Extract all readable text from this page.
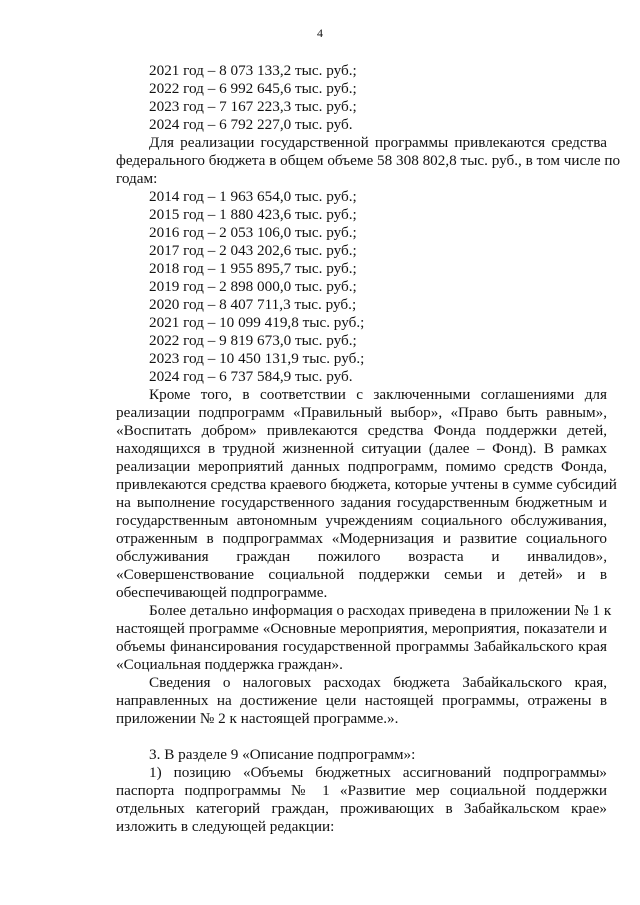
4
2021 год – 8 073 133,2 тыс. руб.;
2022 год – 6 992 645,6 тыс. руб.;
2023 год – 7 167 223,3 тыс. руб.;
2024 год – 6 792 227,0 тыс. руб.
Для реализации государственной программы привлекаются средства
федерального бюджета в общем объеме 58 308 802,8 тыс. руб., в том числе по
годам:
2014 год – 1 963 654,0 тыс. руб.;
2015 год – 1 880 423,6 тыс. руб.;
2016 год – 2 053 106,0 тыс. руб.;
2017 год – 2 043 202,6 тыс. руб.;
2018 год – 1 955 895,7 тыс. руб.;
2019 год – 2 898 000,0 тыс. руб.;
2020 год – 8 407 711,3 тыс. руб.;
2021 год – 10 099 419,8 тыс. руб.;
2022 год – 9 819 673,0 тыс. руб.;
2023 год – 10 450 131,9 тыс. руб.;
2024 год – 6 737 584,9 тыс. руб.
Кроме того, в соответствии с заключенными соглашениями для
реализации подпрограмм «Правильный выбор», «Право быть равным»,
«Воспитать добром» привлекаются средства Фонда поддержки детей,
находящихся в трудной жизненной ситуации (далее – Фонд). В рамках
реализации мероприятий данных подпрограмм, помимо средств Фонда,
привлекаются средства краевого бюджета, которые учтены в сумме субсидий
на выполнение государственного задания государственным бюджетным и
государственным автономным учреждениям социального обслуживания,
отраженным в подпрограммах «Модернизация и развитие социального
обслуживания граждан пожилого возраста и инвалидов»,
«Совершенствование социальной поддержки семьи и детей» и в
обеспечивающей подпрограмме.
Более детально информация о расходах приведена в приложении № 1 к
настоящей программе «Основные мероприятия, мероприятия, показатели и
объемы финансирования государственной программы Забайкальского края
«Социальная поддержка граждан».
Сведения о налоговых расходах бюджета Забайкальского края,
направленных на достижение цели настоящей программы, отражены в
приложении № 2 к настоящей программе.».
3. В разделе 9 «Описание подпрограмм»:
1) позицию «Объемы бюджетных ассигнований подпрограммы»
паспорта подпрограммы № 1 «Развитие мер социальной поддержки
отдельных категорий граждан, проживающих в Забайкальском крае»
изложить в следующей редакции:
